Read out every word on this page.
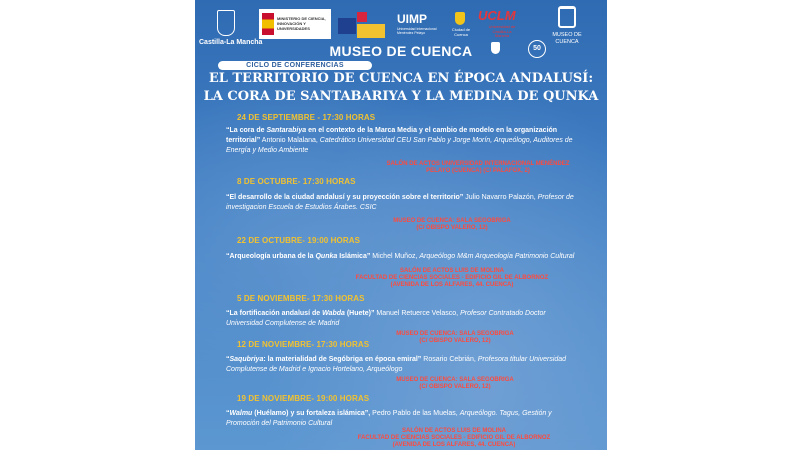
Castilla-La Mancha
MINISTERIO DE CIENCIA, INNOVACIÓN Y UNIVERSIDADES
UIMP
Universidad Internacional Menéndez Pelayo
Ciudad de Cuenca
UCLM
Universidad de Castilla-La Mancha	MUSEO DE
CUENCA
MUSEO DE CUENCA	50
CICLO DE CONFERENCIAS
EL TERRITORIO DE CUENCA EN ÉPOCA ANDALUSÍ:
LA CORA DE SANTABARIYA Y LA MEDINA DE QUNKA
24 DE SEPTIEMBRE - 17:30 HORAS
“La cora de Santarabiya en el contexto de la Marca Media y el cambio de modelo en la organización territorial” Antonio Malalana, Catedrático Universidad CEU San Pablo y Jorge Morín, Arqueólogo, Auditores de Energía y Medio Ambiente
SALÓN DE ACTOS UNIVERSIDAD INTERNACIONAL MENÉNDEZ
PELAYO (CUENCA) (C/ PALAFOX, 2)
8 DE OCTUBRE- 17:30 HORAS
“El desarrollo de la ciudad andalusí y su proyección sobre el territorio” Julio Navarro Palazón, Profesor de investigacion Escuela de Estudios Árabes. CSIC
MUSEO DE CUENCA: SALA SEGOBRIGA
(C/ OBISPO VALERO, 12)
22 DE OCTUBRE- 19:00 HORAS
“Arqueología urbana de la Qunka Islámica” Michel Muñoz, Arqueólogo M&m Arqueología Patrimonio Cultural
SALÓN DE ACTOS LUIS DE MOLINA
FACULTAD DE CIENCIAS SOCIALES - EDIFICIO GIL DE ALBORNOZ
(AVENIDA DE LOS ALFARES, 44. CUENCA)
5 DE NOVIEMBRE- 17:30 HORAS
“La fortificación andalusí de Wabda (Huete)” Manuel Retuerce Velasco, Profesor Contratado Doctor Universidad Complutense de Madrid
MUSEO DE CUENCA: SALA SEGOBRIGA
(C/ OBISPO VALERO, 12)
12 DE NOVIEMBRE- 17:30 HORAS
“Saqubriya: la materialidad de Segóbriga en época emiral” Rosario Cebrián, Profesora titular Universidad Complutense de Madrid e Ignacio Hortelano, Arqueólogo
MUSEO DE CUENCA: SALA SEGOBRIGA
(C/ OBISPO VALERO, 12)
19 DE NOVIEMBRE- 19:00 HORAS
“Walmu (Huélamo) y su fortaleza islámica”, Pedro Pablo de las Muelas, Arqueólogo. Tagus, Gestión y Promoción del Patrimonio Cultural
SALÓN DE ACTOS LUIS DE MOLINA
FACULTAD DE CIENCIAS SOCIALES - EDIFICIO GIL DE ALBORNOZ
(AVENIDA DE LOS ALFARES, 44. CUENCA)
